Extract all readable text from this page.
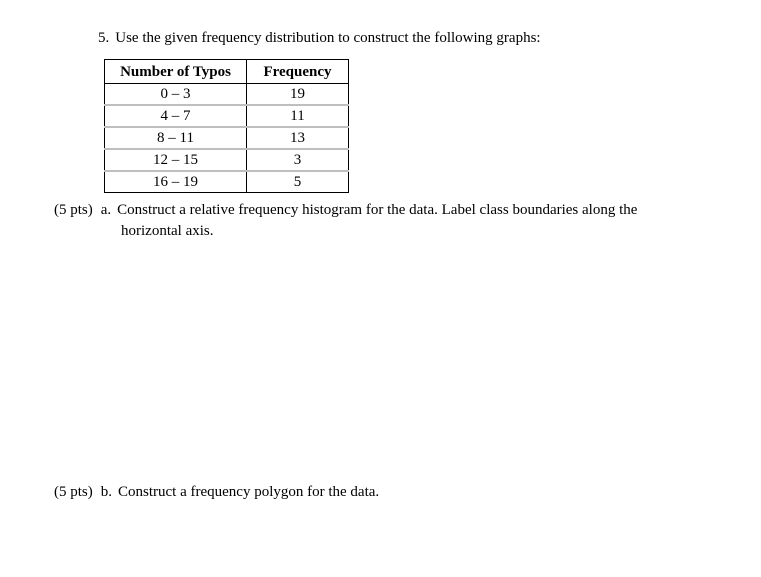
5. Use the given frequency distribution to construct the following graphs:
Number of Typos	Frequency
0 – 3	19
4 – 7	11
8 – 11	13
12 – 15	3
16 – 19	5
(5 pts) a. Construct a relative frequency histogram for the data. Label class boundaries along the
horizontal axis.
(5 pts) b. Construct a frequency polygon for the data.
